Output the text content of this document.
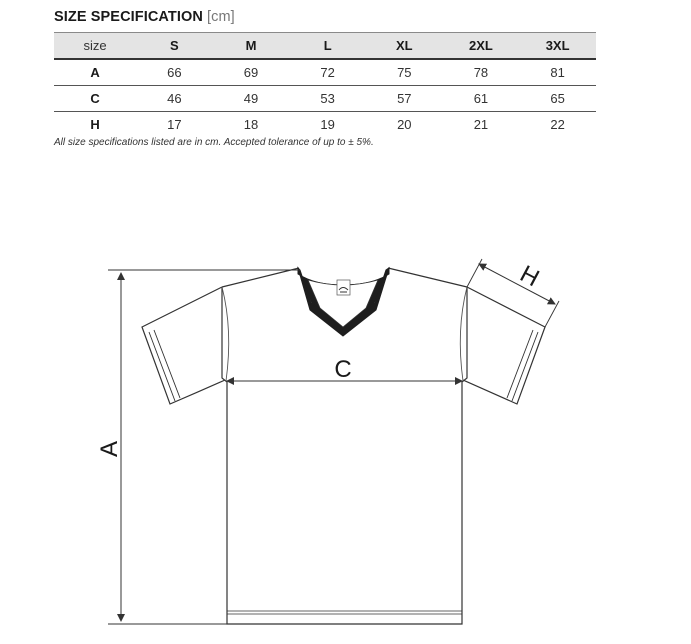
SIZE SPECIFICATION [cm]
size	S	M	L	XL	2XL	3XL
A	66	69	72	75	78	81
C	46	49	53	57	61	65
H	17	18	19	20	21	22
All size specifications listed are in cm. Accepted tolerance of up to ± 5%.
A
C
H
